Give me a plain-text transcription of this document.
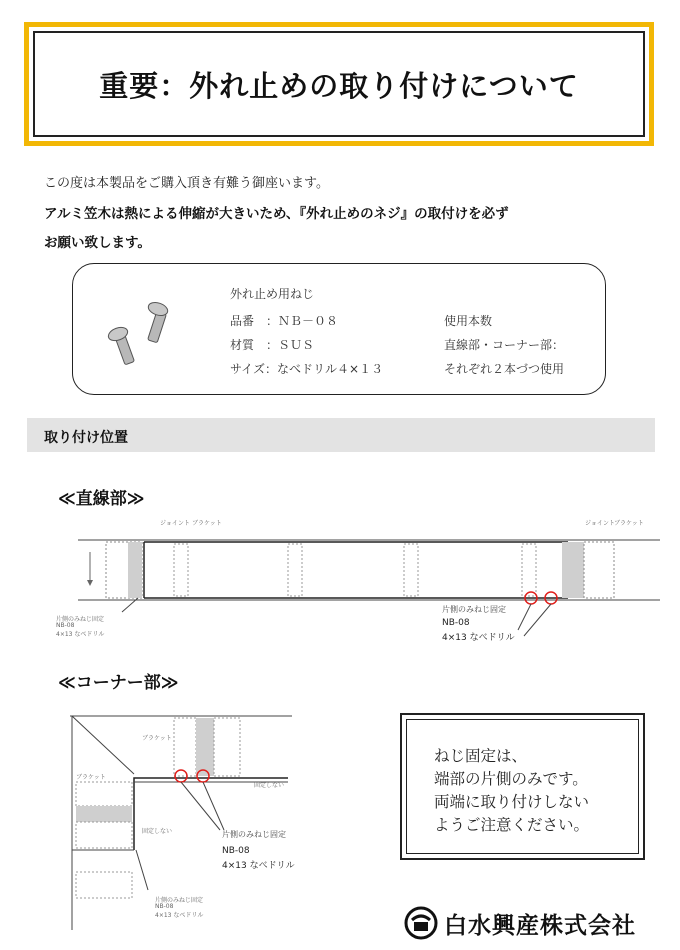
重要：外れ止めの取り付けについて
この度は本製品をご購入頂き有難う御座います。
アルミ笠木は熱による伸縮が大きいため、『外れ止めのネジ』の取付けを必ず
お願い致します。
外れ止め用ねじ
品番　：ＮＢ－０８
材質　：ＳＵＳ
サイズ：なべドリル４×１３
使用本数
直線部・コーナー部：
それぞれ２本づつ使用
取り付け位置
≪直線部≫
ジョイント ブラケット	ジョイント ブラケット
片側のみねじ固定
NB-08
4×13 なべドリル
片側のみねじ固定
NB-08
4×13 なべドリル
≪コーナー部≫
ブラケット
ブラケット
固定しない
固定しない	片側のみねじ固定
NB-08
4×13 なべドリル
片側のみねじ固定
NB-08
4×13 なべドリル
ねじ固定は、
端部の片側のみです。
両端に取り付けしない
ようご注意ください。
白水興産株式会社
